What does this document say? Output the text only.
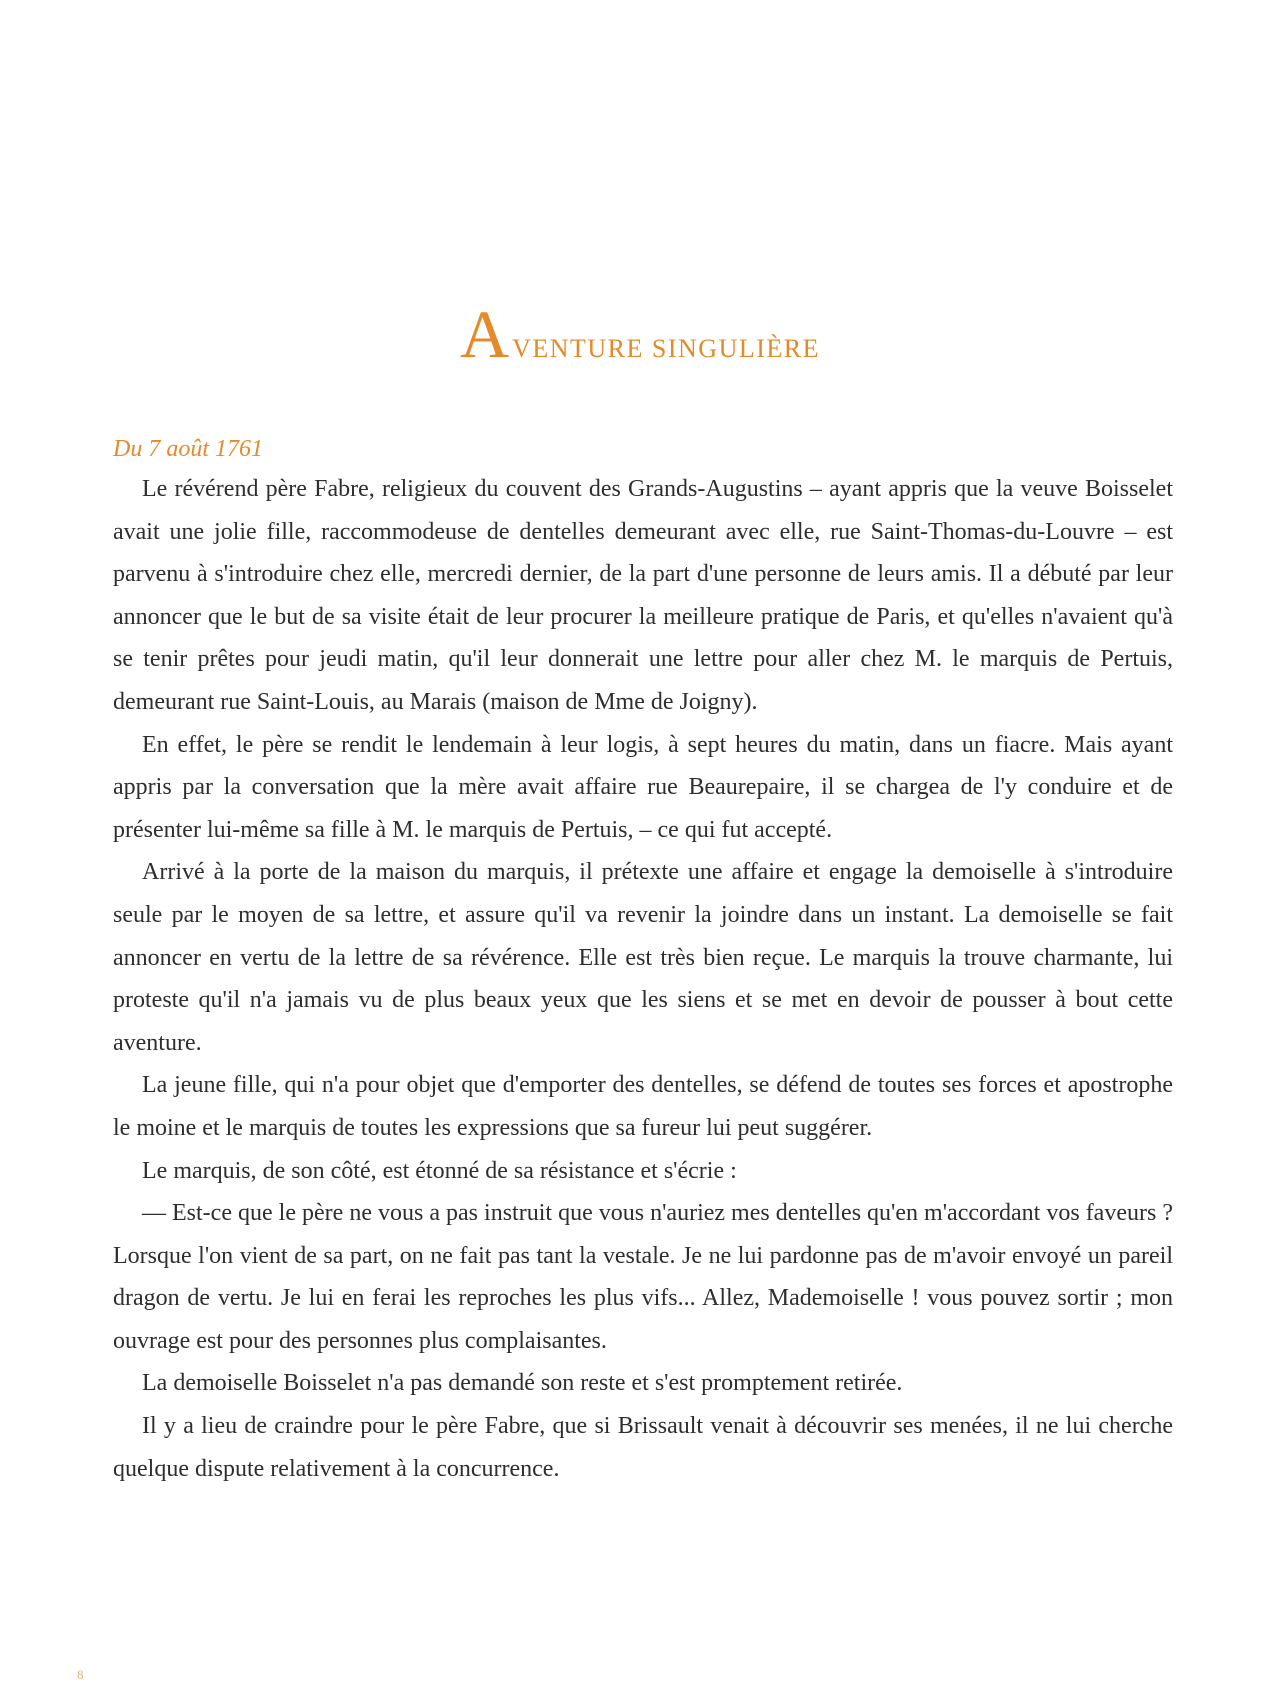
AVENTURE SINGULIÈRE
Du 7 août 1761

Le révérend père Fabre, religieux du couvent des Grands-Augustins – ayant appris que la veuve Boisselet avait une jolie fille, raccommodeuse de dentelles demeurant avec elle, rue Saint-Thomas-du-Louvre – est parvenu à s'introduire chez elle, mercredi dernier, de la part d'une personne de leurs amis. Il a débuté par leur annoncer que le but de sa visite était de leur procurer la meilleure pratique de Paris, et qu'elles n'avaient qu'à se tenir prêtes pour jeudi matin, qu'il leur donnerait une lettre pour aller chez M. le marquis de Pertuis, demeurant rue Saint-Louis, au Marais (maison de Mme de Joigny).

En effet, le père se rendit le lendemain à leur logis, à sept heures du matin, dans un fiacre. Mais ayant appris par la conversation que la mère avait affaire rue Beaurepaire, il se chargea de l'y conduire et de présenter lui-même sa fille à M. le marquis de Pertuis, – ce qui fut accepté.

Arrivé à la porte de la maison du marquis, il prétexte une affaire et engage la demoiselle à s'introduire seule par le moyen de sa lettre, et assure qu'il va revenir la joindre dans un instant. La demoiselle se fait annoncer en vertu de la lettre de sa révérence. Elle est très bien reçue. Le marquis la trouve charmante, lui proteste qu'il n'a jamais vu de plus beaux yeux que les siens et se met en devoir de pousser à bout cette aventure.

La jeune fille, qui n'a pour objet que d'emporter des dentelles, se défend de toutes ses forces et apostrophe le moine et le marquis de toutes les expressions que sa fureur lui peut suggérer.

Le marquis, de son côté, est étonné de sa résistance et s'écrie :

— Est-ce que le père ne vous a pas instruit que vous n'auriez mes dentelles qu'en m'accordant vos faveurs ? Lorsque l'on vient de sa part, on ne fait pas tant la vestale. Je ne lui pardonne pas de m'avoir envoyé un pareil dragon de vertu. Je lui en ferai les reproches les plus vifs... Allez, Mademoiselle ! vous pouvez sortir ; mon ouvrage est pour des personnes plus complaisantes.

La demoiselle Boisselet n'a pas demandé son reste et s'est promptement retirée.

Il y a lieu de craindre pour le père Fabre, que si Brissault venait à découvrir ses menées, il ne lui cherche quelque dispute relativement à la concurrence.

8
